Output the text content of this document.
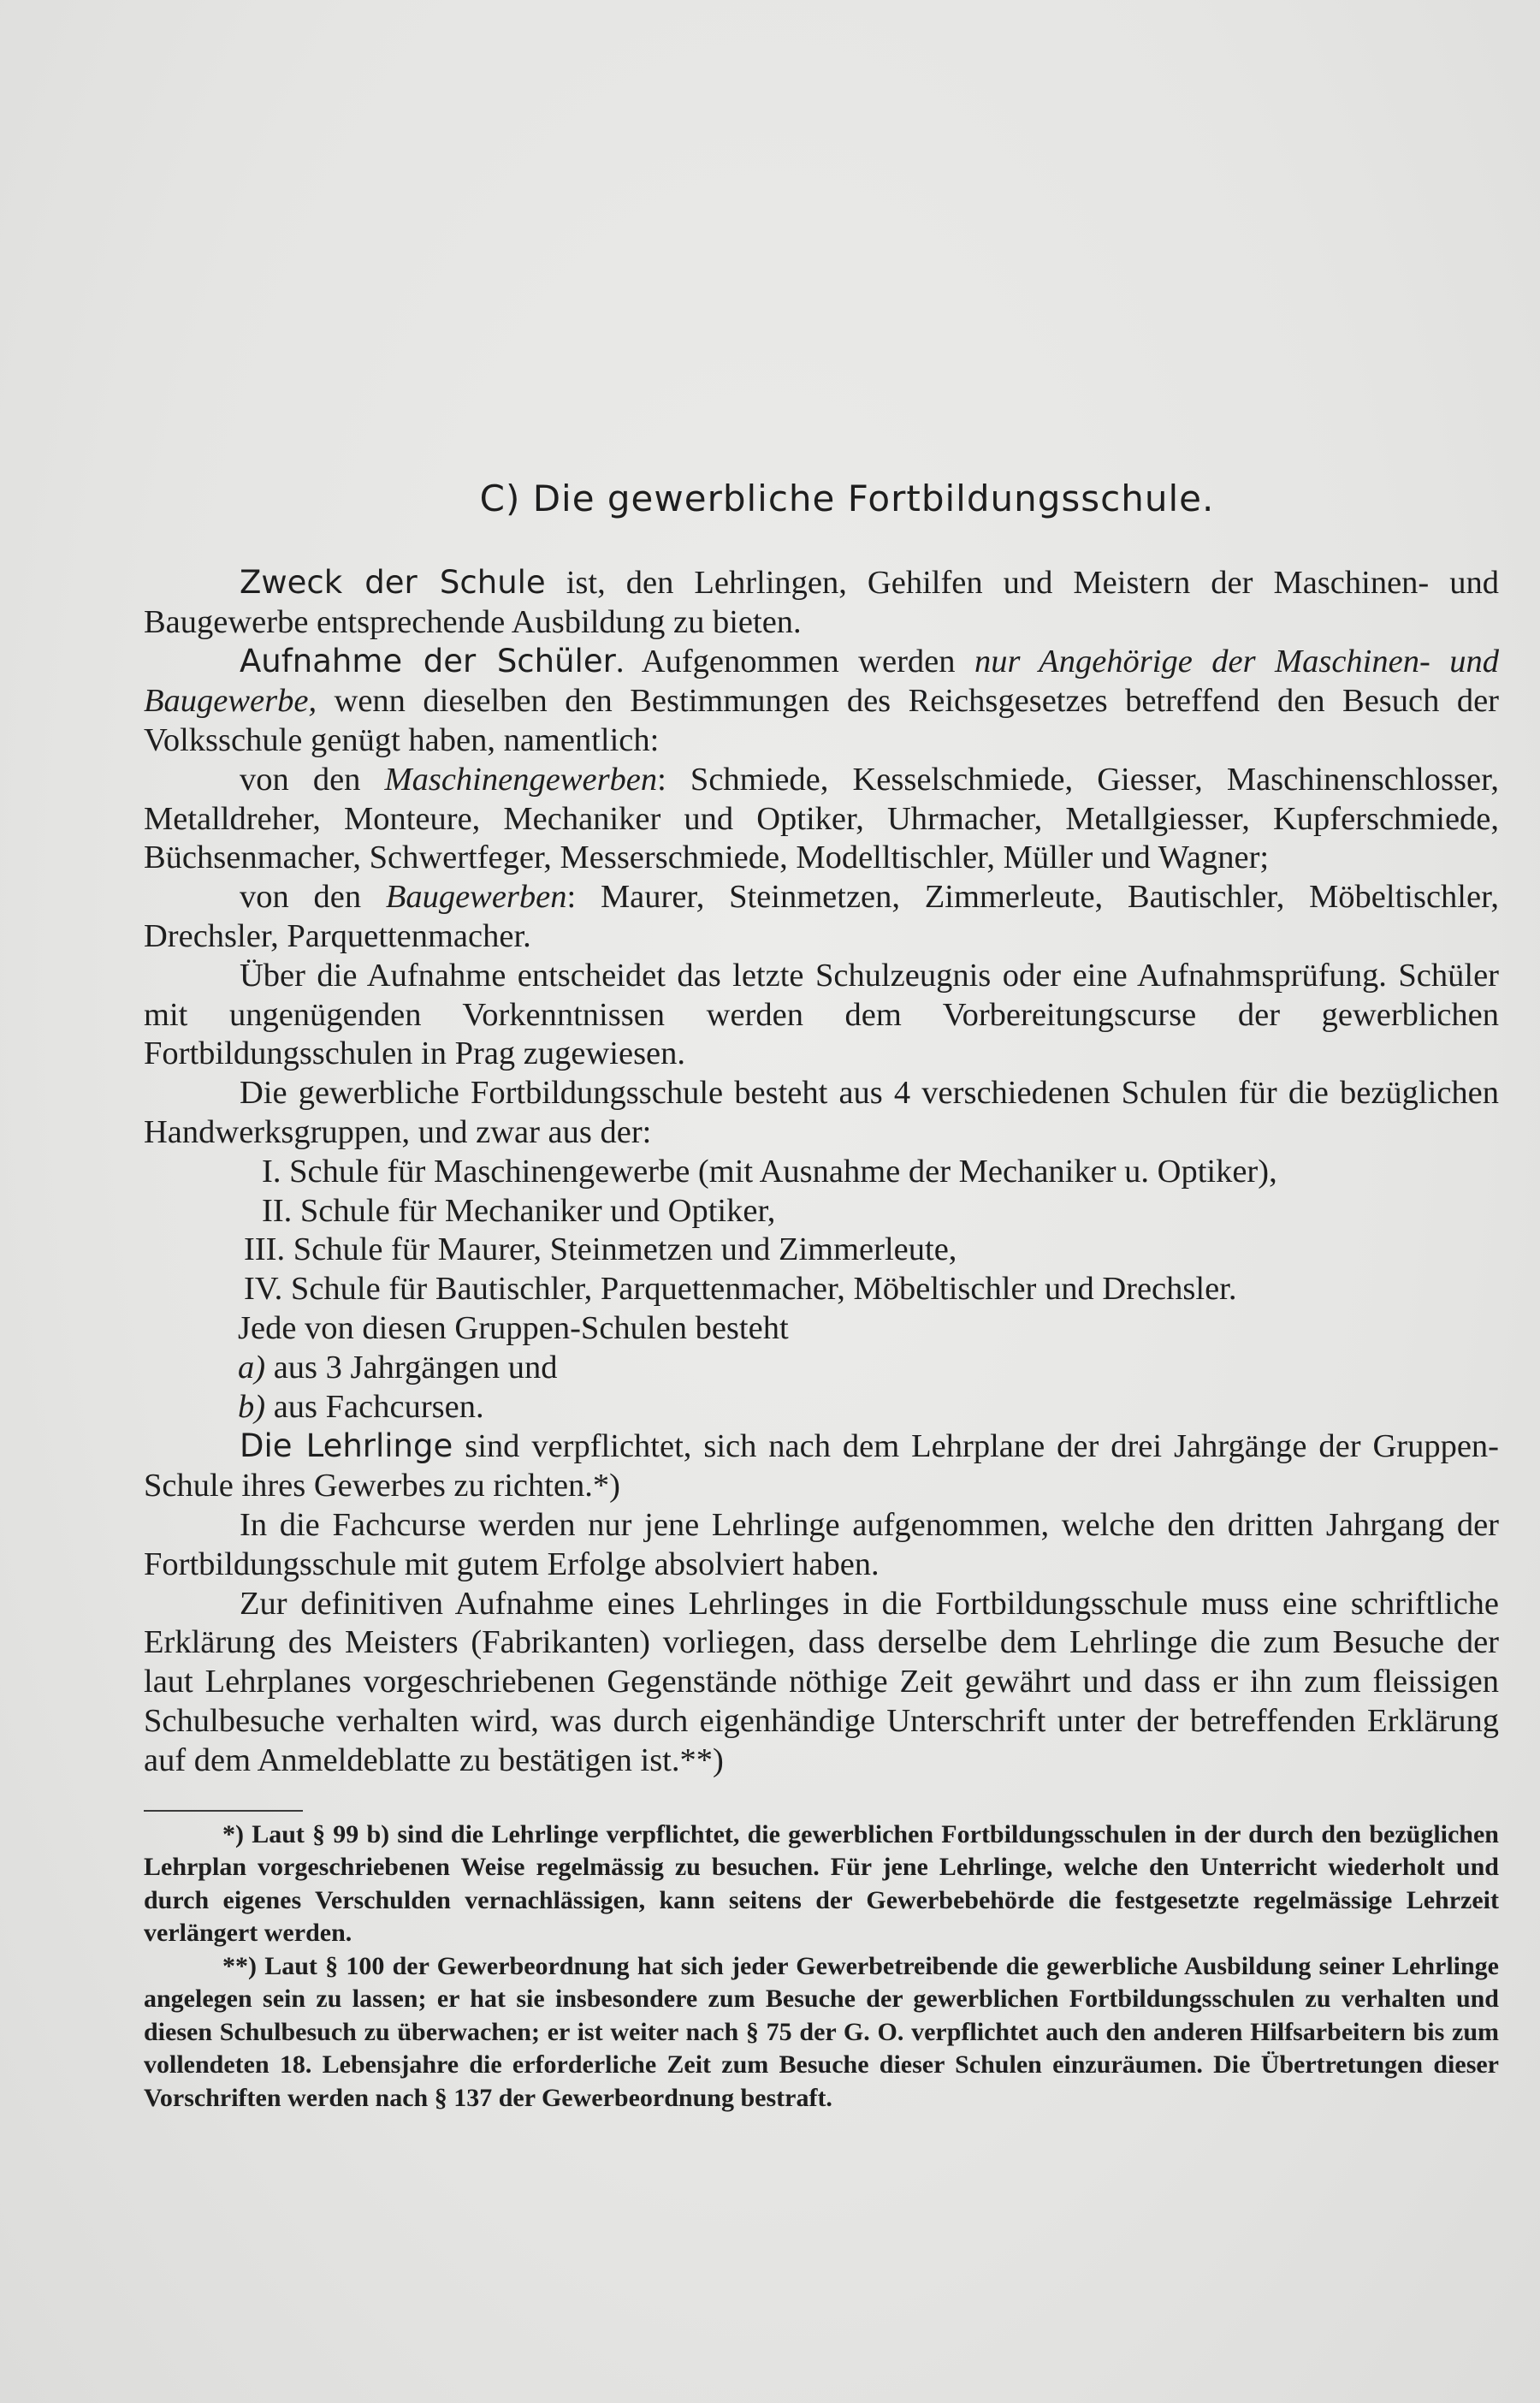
C) Die gewerbliche Fortbildungsschule.

Zweck der Schule ist, den Lehrlingen, Gehilfen und Meistern der Maschinen- und Baugewerbe entsprechende Ausbildung zu bieten.

Aufnahme der Schüler. Aufgenommen werden nur Angehörige der Maschinen- und Baugewerbe, wenn dieselben den Bestimmungen des Reichsgesetzes betreffend den Besuch der Volksschule genügt haben, namentlich:

von den Maschinengewerben: Schmiede, Kesselschmiede, Giesser, Maschinenschlosser, Metalldreher, Monteure, Mechaniker und Optiker, Uhrmacher, Metallgiesser, Kupferschmiede, Büchsenmacher, Schwertfeger, Messerschmiede, Modelltischler, Müller und Wagner;

von den Baugewerben: Maurer, Steinmetzen, Zimmerleute, Bautischler, Möbeltischler, Drechsler, Parquettenmacher.

Über die Aufnahme entscheidet das letzte Schulzeugnis oder eine Aufnahmsprüfung. Schüler mit ungenügenden Vorkenntnissen werden dem Vorbereitungscurse der gewerblichen Fortbildungsschulen in Prag zugewiesen.

Die gewerbliche Fortbildungsschule besteht aus 4 verschiedenen Schulen für die bezüglichen Handwerksgruppen, und zwar aus der:

I. Schule für Maschinengewerbe (mit Ausnahme der Mechaniker u. Optiker),
II. Schule für Mechaniker und Optiker,
III. Schule für Maurer, Steinmetzen und Zimmerleute,
IV. Schule für Bautischler, Parquettenmacher, Möbeltischler und Drechsler.
Jede von diesen Gruppen-Schulen besteht
a) aus 3 Jahrgängen und
b) aus Fachcursen.

Die Lehrlinge sind verpflichtet, sich nach dem Lehrplane der drei Jahrgänge der Gruppen-Schule ihres Gewerbes zu richten.*)

In die Fachcurse werden nur jene Lehrlinge aufgenommen, welche den dritten Jahrgang der Fortbildungsschule mit gutem Erfolge absolviert haben.

Zur definitiven Aufnahme eines Lehrlinges in die Fortbildungsschule muss eine schriftliche Erklärung des Meisters (Fabrikanten) vorliegen, dass derselbe dem Lehrlinge die zum Besuche der laut Lehrplanes vorgeschriebenen Gegenstände nöthige Zeit gewährt und dass er ihn zum fleissigen Schulbesuche verhalten wird, was durch eigenhändige Unterschrift unter der betreffenden Erklärung auf dem Anmeldeblatte zu bestätigen ist.**)

*) Laut § 99 b) sind die Lehrlinge verpflichtet, die gewerblichen Fortbildungsschulen in der durch den bezüglichen Lehrplan vorgeschriebenen Weise regelmässig zu besuchen. Für jene Lehrlinge, welche den Unterricht wiederholt und durch eigenes Verschulden vernachlässigen, kann seitens der Gewerbebehörde die festgesetzte regelmässige Lehrzeit verlängert werden.

**) Laut § 100 der Gewerbeordnung hat sich jeder Gewerbetreibende die gewerbliche Ausbildung seiner Lehrlinge angelegen sein zu lassen; er hat sie insbesondere zum Besuche der gewerblichen Fortbildungsschulen zu verhalten und diesen Schulbesuch zu überwachen; er ist weiter nach § 75 der G. O. verpflichtet auch den anderen Hilfsarbeitern bis zum vollendeten 18. Lebensjahre die erforderliche Zeit zum Besuche dieser Schulen einzuräumen. Die Übertretungen dieser Vorschriften werden nach § 137 der Gewerbeordnung bestraft.
